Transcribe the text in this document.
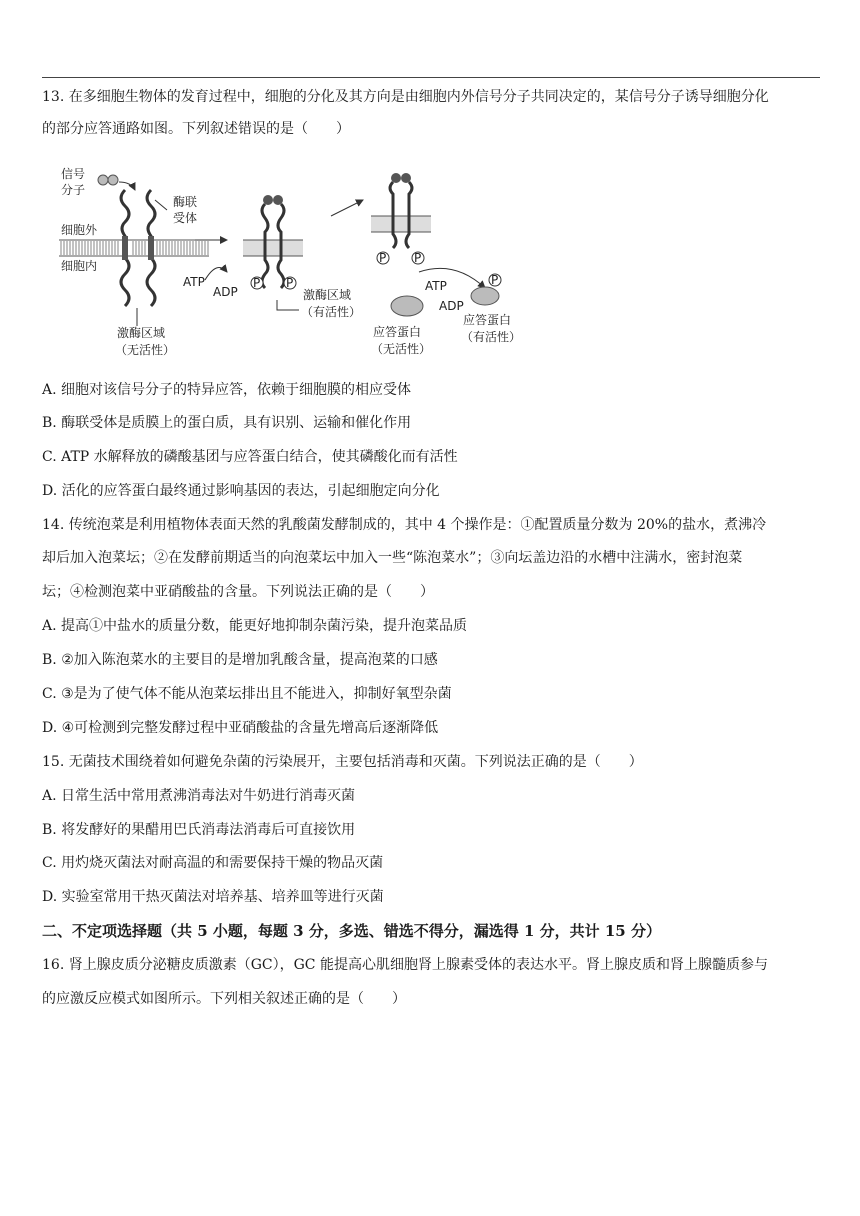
13. 在多细胞生物体的发育过程中，细胞的分化及其方向是由细胞内外信号分子共同决定的，某信号分子诱导细胞分化
的部分应答通路如图。下列叙述错误的是（　　）
信号
分子
酶联
受体
细胞外
细胞内
激酶区域
（无活性）
ATP
ADP
P P
激酶区域
（有活性）
P P
ATP
ADP
P
应答蛋白
（无活性）
应答蛋白
（有活性）
A. 细胞对该信号分子的特异应答，依赖于细胞膜的相应受体
B. 酶联受体是质膜上的蛋白质，具有识别、运输和催化作用
C. ATP 水解释放的磷酸基团与应答蛋白结合，使其磷酸化而有活性
D. 活化的应答蛋白最终通过影响基因的表达，引起细胞定向分化
14. 传统泡菜是利用植物体表面天然的乳酸菌发酵制成的，其中 4 个操作是：①配置质量分数为 20%的盐水，煮沸冷
却后加入泡菜坛；②在发酵前期适当的向泡菜坛中加入一些“陈泡菜水”；③向坛盖边沿的水槽中注满水，密封泡菜
坛；④检测泡菜中亚硝酸盐的含量。下列说法正确的是（　　）
A. 提高①中盐水的质量分数，能更好地抑制杂菌污染，提升泡菜品质
B. ②加入陈泡菜水的主要目的是增加乳酸含量，提高泡菜的口感
C. ③是为了使气体不能从泡菜坛排出且不能进入，抑制好氧型杂菌
D. ④可检测到完整发酵过程中亚硝酸盐的含量先增高后逐渐降低
15. 无菌技术围绕着如何避免杂菌的污染展开，主要包括消毒和灭菌。下列说法正确的是（　　）
A. 日常生活中常用煮沸消毒法对牛奶进行消毒灭菌
B. 将发酵好的果醋用巴氏消毒法消毒后可直接饮用
C. 用灼烧灭菌法对耐高温的和需要保持干燥的物品灭菌
D. 实验室常用干热灭菌法对培养基、培养皿等进行灭菌
二、不定项选择题（共 5 小题，每题 3 分，多选、错选不得分，漏选得 1 分，共计 15 分）
16. 肾上腺皮质分泌糖皮质激素（GC），GC 能提高心肌细胞肾上腺素受体的表达水平。肾上腺皮质和肾上腺髓质参与
的应激反应模式如图所示。下列相关叙述正确的是（　　）
